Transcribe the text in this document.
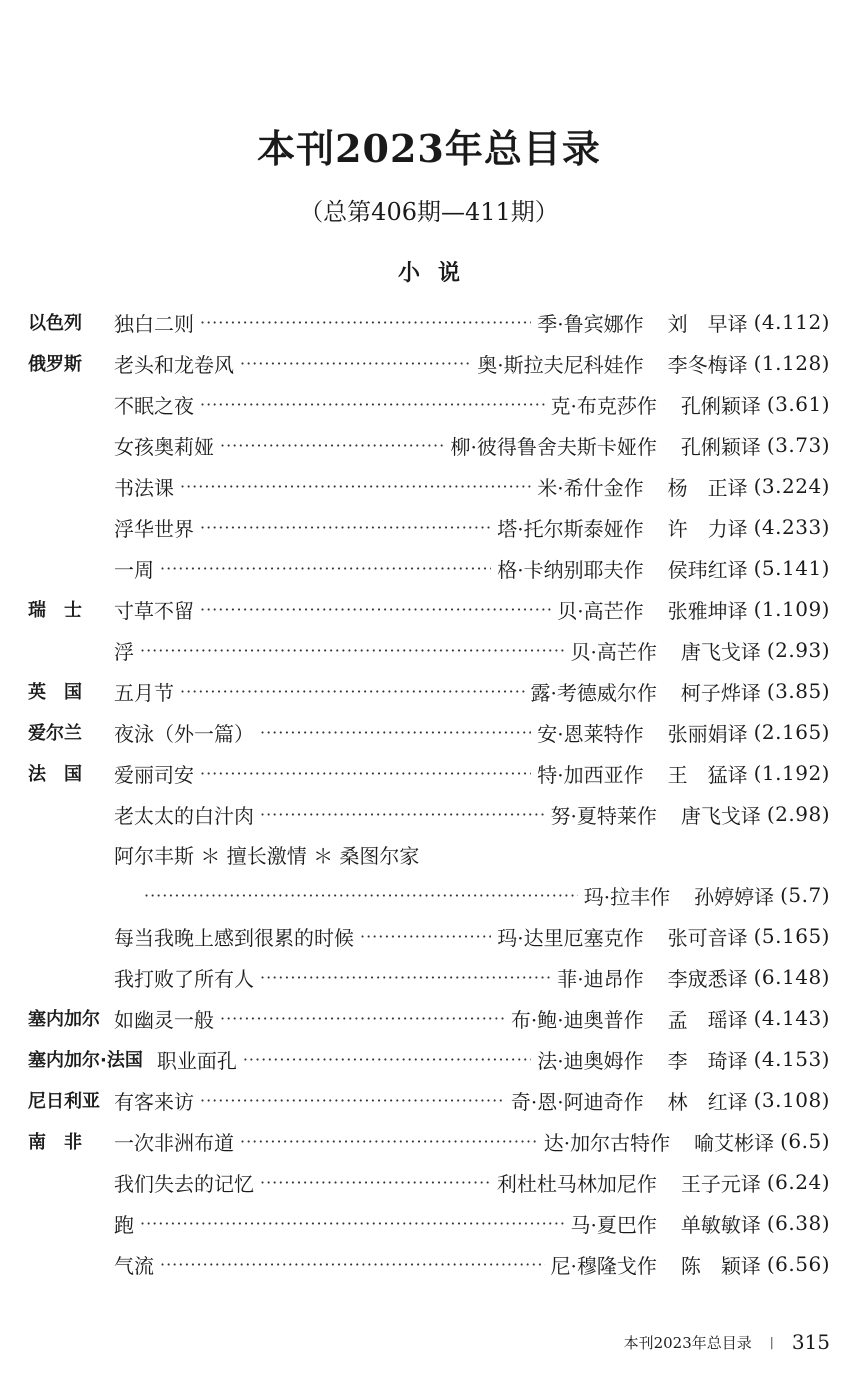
本刊2023年总目录
（总第406期—411期）
小说
以色列	独白二则 ·····	季·鲁宾娜作 刘　早译 (4.112)
俄罗斯	老头和龙卷风 ·····	奥·斯拉夫尼科娃作 李冬梅译 (1.128)
不眠之夜 ·····	克·布克莎作 孔俐颖译 (3.61)
女孩奥莉娅 ·····	柳·彼得鲁舍夫斯卡娅作 孔俐颖译 (3.73)
书法课 ·····	米·希什金作 杨　正译 (3.224)
浮华世界 ·····	塔·托尔斯泰娅作 许　力译 (4.233)
一周 ·····	格·卡纳别耶夫作 侯玮红译 (5.141)
瑞　士	寸草不留 ·····	贝·高芒作 张雅坤译 (1.109)
浮 ·····	贝·高芒作 唐飞戈译 (2.93)
英　国	五月节 ·····	露·考德威尔作 柯子烨译 (3.85)
爱尔兰	夜泳（外一篇） ·····	安·恩莱特作 张丽娟译 (2.165)
法　国	爱丽司安 ·····	特·加西亚作 王　猛译 (1.192)
老太太的白汁肉 ·····	努·夏特莱作 唐飞戈译 (2.98)
阿尔丰斯 ＊ 擅长激情 ＊ 桑图尔家
·····
玛·拉丰作 孙婷婷译 (5.7)
每当我晚上感到很累的时候 ·····	玛·达里厄塞克作 张可音译 (5.165)
我打败了所有人 ·····	菲·迪昂作 李宬悉译 (6.148)
塞内加尔 如幽灵一般 ·····	布·鲍·迪奥普作 孟　瑶译 (4.143)
塞内加尔·法国 职业面孔 ·····	法·迪奥姆作 李　琦译 (4.153)
尼日利亚 有客来访 ·····	奇·恩·阿迪奇作 林　红译 (3.108)
南　非	一次非洲布道 ·····	达·加尔古特作 喻艾彬译 (6.5)
我们失去的记忆 ·····	利杜杜马林加尼作 王子元译 (6.24)
跑 ·····	马·夏巴作 单敏敏译 (6.38)
气流 ·····	尼·穆隆戈作 陈　颖译 (6.56)
本刊2023年总目录 | 315
